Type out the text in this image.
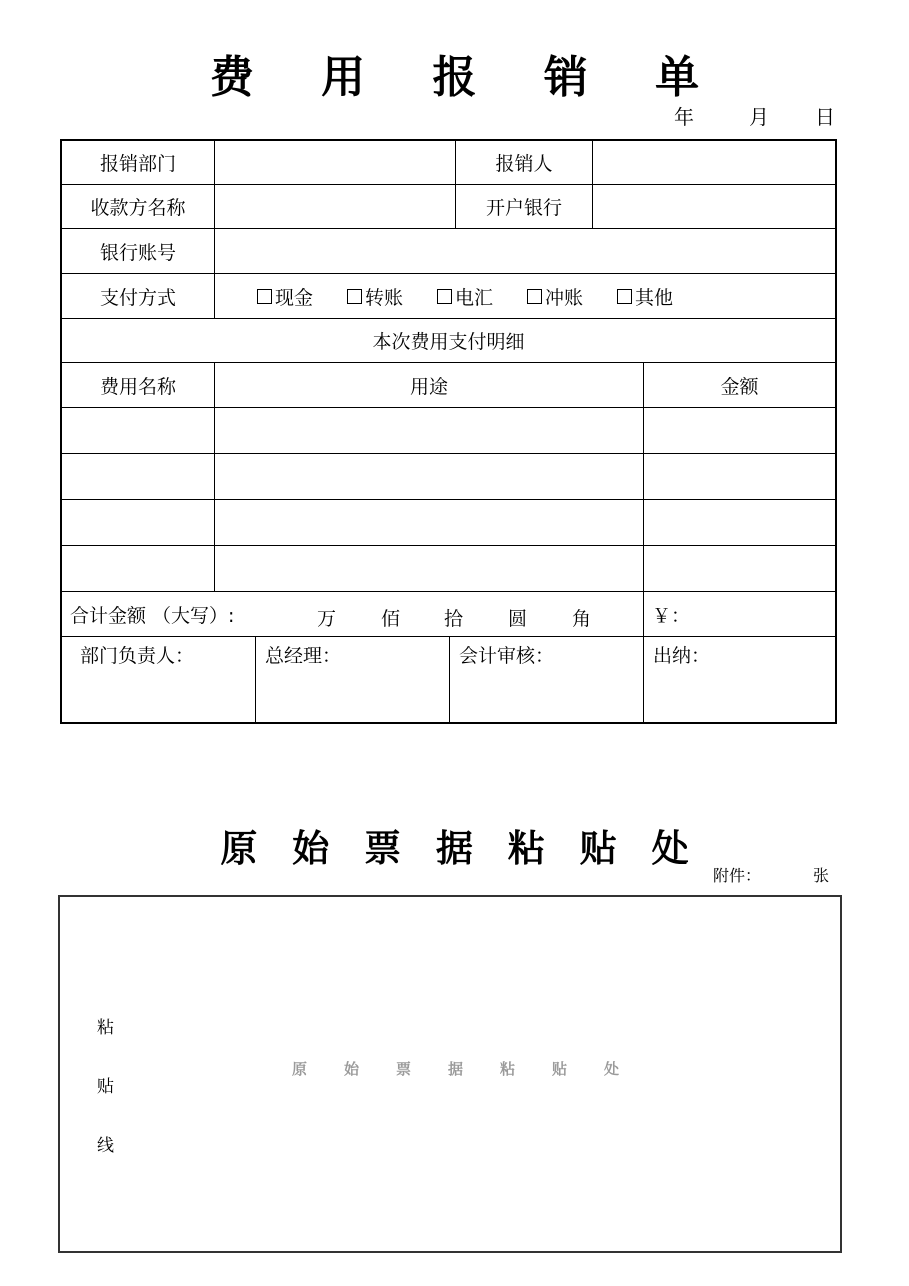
费 用 报 销 单
年	月 日
报销部门	报销人
收款方名称	开户银行
银行账号
支付方式	现金	转账	电汇	冲账	其他
本次费用支付明细
费用名称	用途	金额
合计金额 （大写）:	万 佰 拾 圆 角	￥：
部门负责人：	总经理：	会计审核：	出纳：
原 始 票 据 粘 贴 处
附件：	张
粘
贴
线
原 始 票 据 粘 贴 处
